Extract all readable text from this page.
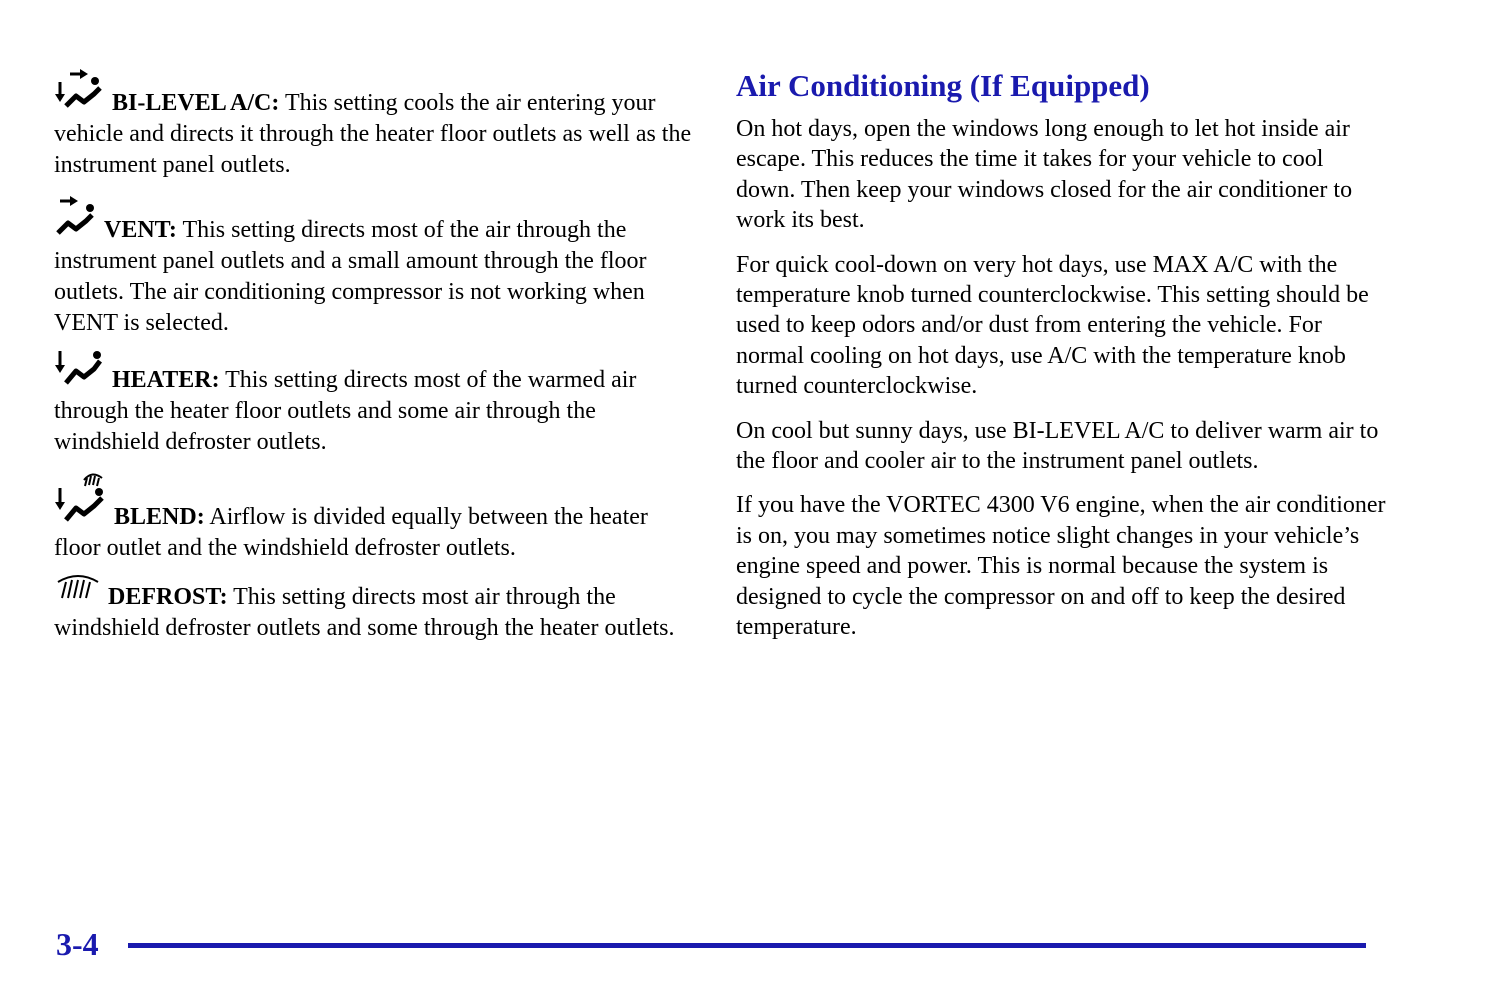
BI-LEVEL A/C: This setting cools the air entering your vehicle and directs it through the heater floor outlets as well as the instrument panel outlets.

VENT: This setting directs most of the air through the instrument panel outlets and a small amount through the floor outlets. The air conditioning compressor is not working when VENT is selected.

HEATER: This setting directs most of the warmed air through the heater floor outlets and some air through the windshield defroster outlets.

BLEND: Airflow is divided equally between the heater floor outlet and the windshield defroster outlets.

DEFROST: This setting directs most air through the windshield defroster outlets and some through the heater outlets.

Air Conditioning (If Equipped)

On hot days, open the windows long enough to let hot inside air escape. This reduces the time it takes for your vehicle to cool down. Then keep your windows closed for the air conditioner to work its best.

For quick cool-down on very hot days, use MAX A/C with the temperature knob turned counterclockwise. This setting should be used to keep odors and/or dust from entering the vehicle. For normal cooling on hot days, use A/C with the temperature knob turned counterclockwise.

On cool but sunny days, use BI-LEVEL A/C to deliver warm air to the floor and cooler air to the instrument panel outlets.

If you have the VORTEC 4300 V6 engine, when the air conditioner is on, you may sometimes notice slight changes in your vehicle’s engine speed and power. This is normal because the system is designed to cycle the compressor on and off to keep the desired temperature.

3-4
